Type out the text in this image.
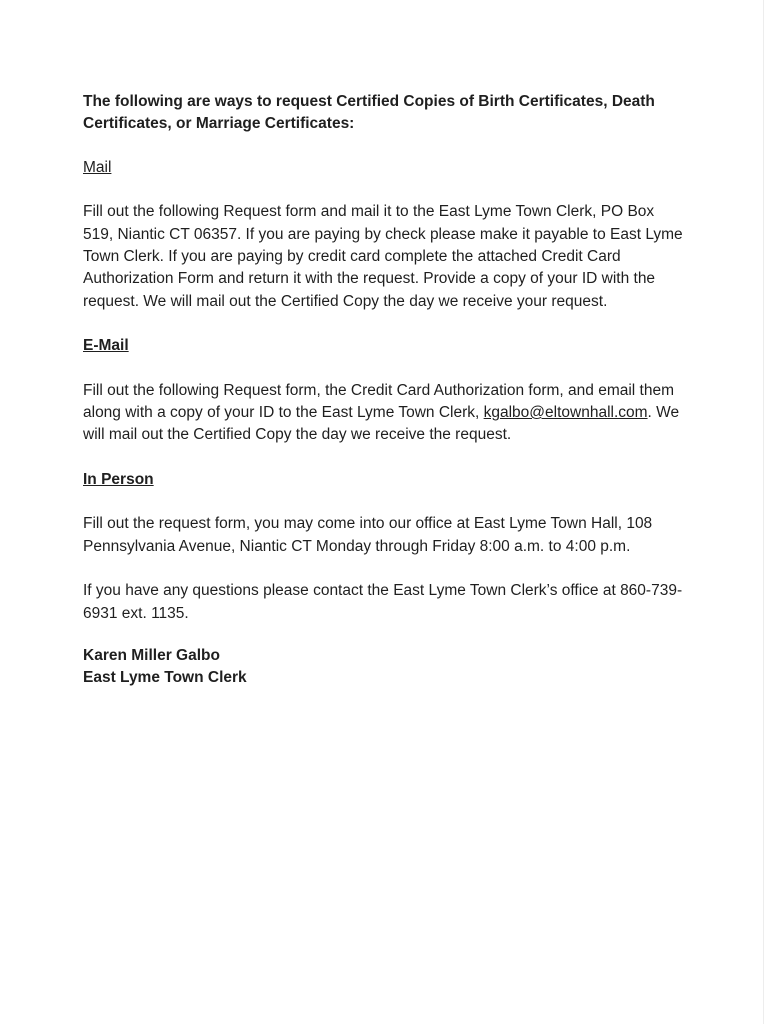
The following are ways to request Certified Copies of Birth Certificates, Death Certificates, or Marriage Certificates:

Mail

Fill out the following Request form and mail it to the East Lyme Town Clerk, PO Box 519, Niantic CT 06357. If you are paying by check please make it payable to East Lyme Town Clerk. If you are paying by credit card complete the attached Credit Card Authorization Form and return it with the request. Provide a copy of your ID with the request. We will mail out the Certified Copy the day we receive your request.

E-Mail

Fill out the following Request form, the Credit Card Authorization form, and email them along with a copy of your ID to the East Lyme Town Clerk, kgalbo@eltownhall.com. We will mail out the Certified Copy the day we receive the request.

In Person

Fill out the request form, you may come into our office at East Lyme Town Hall, 108 Pennsylvania Avenue, Niantic CT Monday through Friday 8:00 a.m. to 4:00 p.m.

If you have any questions please contact the East Lyme Town Clerk’s office at 860-739-6931 ext. 1135.

Karen Miller Galbo

East Lyme Town Clerk
